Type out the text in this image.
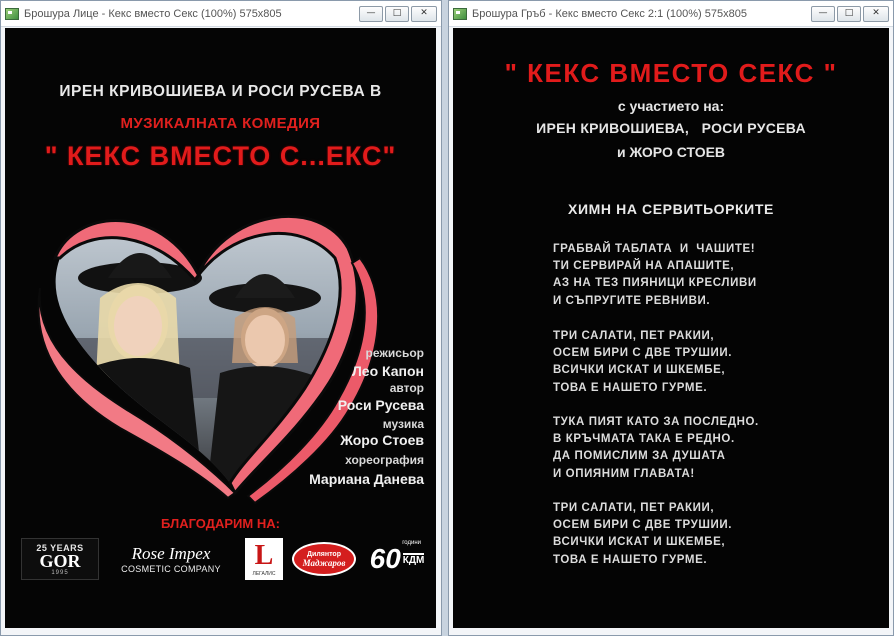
Брошура Лице - Кекс вместо Секс (100%) 575x805	—	□	✕
ИРЕН КРИВОШИЕВА И РОСИ РУСЕВА В
МУЗИКАЛНАТА КОМЕДИЯ
" КЕКС ВМЕСТО С...ЕКС"
режисьор
Лео Капон
автор
Роси Русева
музика
Жоро Стоев
хореография
Мариана Данева
БЛАГОДАРИМ НА:
25 YEARS
GOR
1995
Rose Impex
COSMETIC COMPANY L
ЛЕГАЛИС
Дилянтор
Маджаров
години
60 КДМ
Брошура Гръб - Кекс вместо Секс 2:1 (100%) 575x805	—	□	✕
" КЕКС ВМЕСТО СЕКС "
с участието на:
ИРЕН КРИВОШИЕВА,   РОСИ РУСЕВА
и ЖОРО СТОЕВ
ХИМН НА СЕРВИТЬОРКИТЕ
ГРАБВАЙ ТАБЛАТА  И  ЧАШИТЕ!
ТИ СЕРВИРАЙ НА АПАШИТЕ,
АЗ НА ТЕЗ ПИЯНИЦИ КРЕСЛИВИ
И СЪПРУГИТЕ РЕВНИВИ.
ТРИ САЛАТИ, ПЕТ РАКИИ,
ОСЕМ БИРИ С ДВЕ ТРУШИИ.
ВСИЧКИ ИСКАТ И ШКЕМБЕ,
ТОВА Е НАШЕТО ГУРМЕ.
ТУКА ПИЯТ КАТО ЗА ПОСЛЕДНО.
В КРЪЧМАТА ТАКА Е РЕДНО.
ДА ПОМИСЛИМ ЗА ДУШАТА
И ОПИЯНИМ ГЛАВАТА!
ТРИ САЛАТИ, ПЕТ РАКИИ,
ОСЕМ БИРИ С ДВЕ ТРУШИИ.
ВСИЧКИ ИСКАТ И ШКЕМБЕ,
ТОВА Е НАШЕТО ГУРМЕ.
